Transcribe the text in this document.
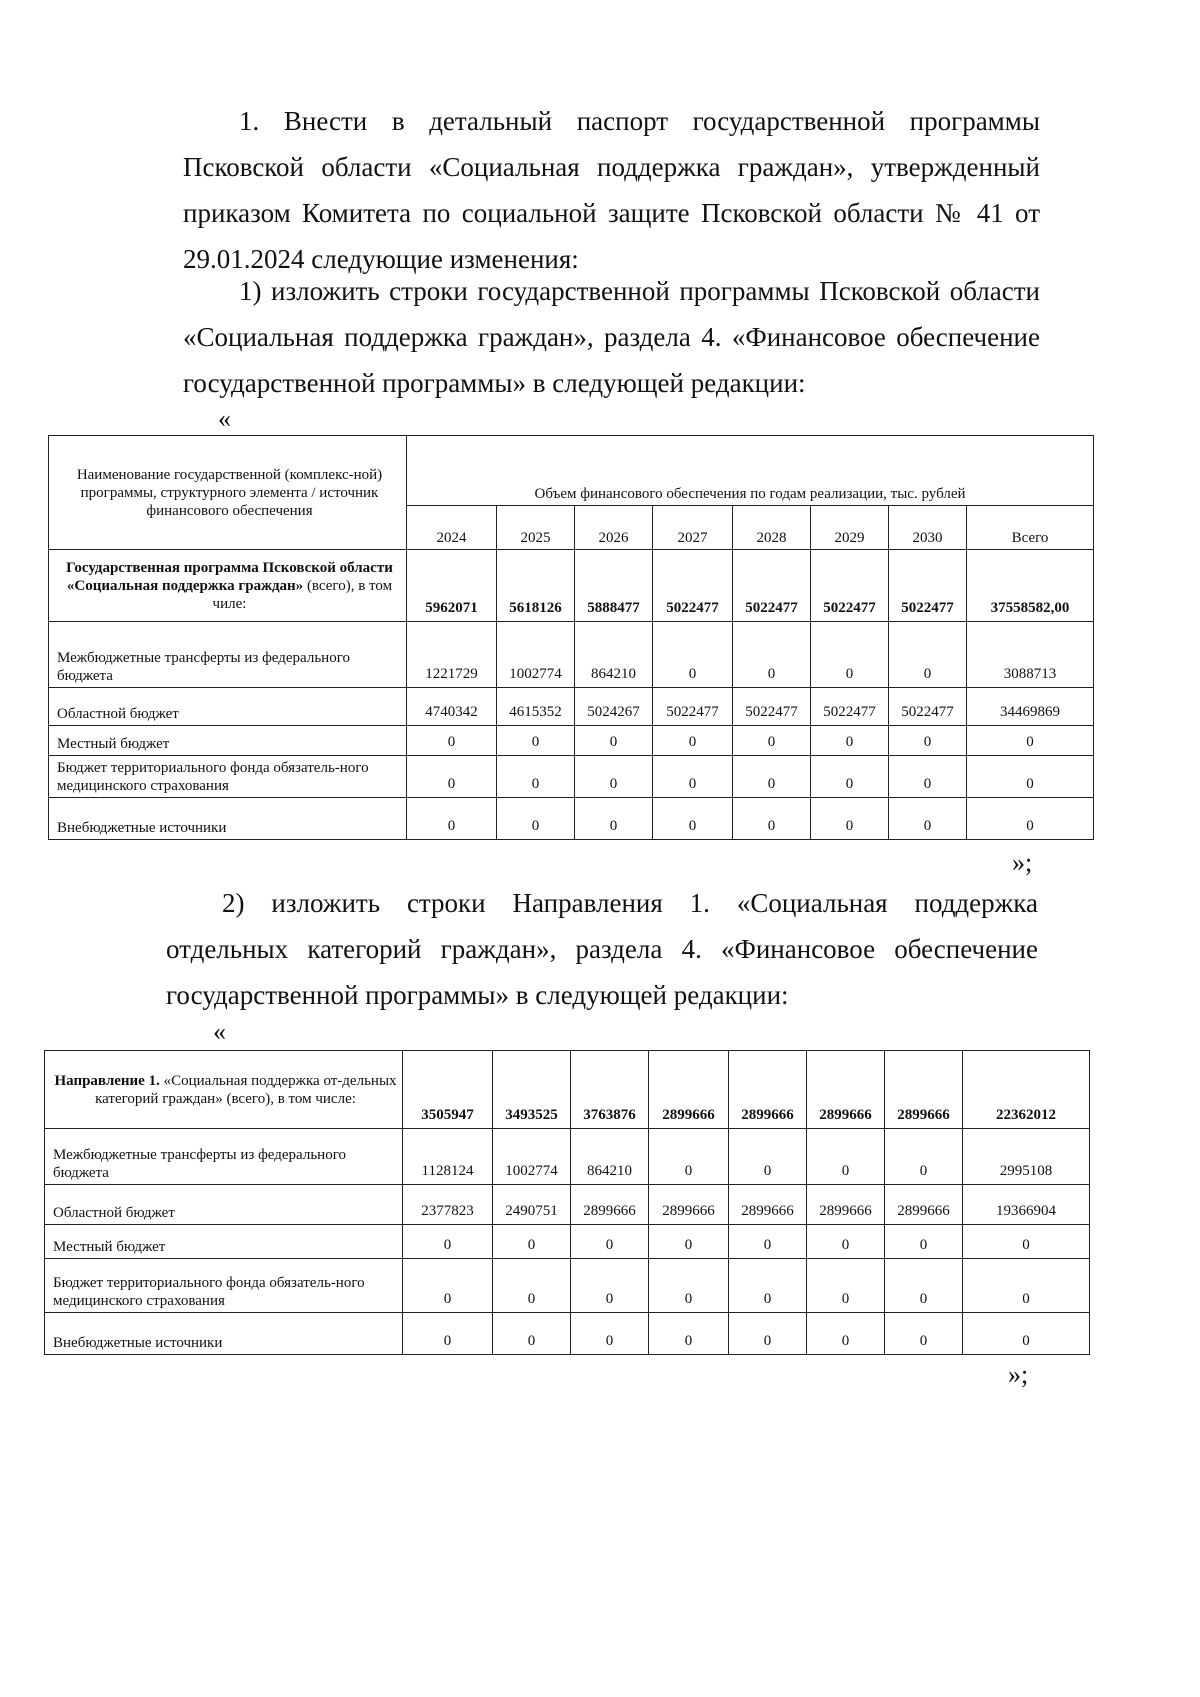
1. Внести в детальный паспорт государственной программы Псковской области «Социальная поддержка граждан», утвержденный приказом Комитета по социальной защите Псковской области № 41 от 29.01.2024 следующие изменения:

1) изложить строки государственной программы Псковской области «Социальная поддержка граждан», раздела 4. «Финансовое обеспечение государственной программы» в следующей редакции:

«
Наименование государственной (комплекс-ной) программы, структурного элемента / источник финансового обеспечения	Объем финансового обеспечения по годам реализации, тыс. рублей							
	2024	2025	2026	2027	2028	2029	2030	Всего
Государственная программа Псковской области «Социальная поддержка граждан» (всего), в том чиле:	5962071	5618126	5888477	5022477	5022477	5022477	5022477	37558582,00
Межбюджетные трансферты из федерального бюджета	1221729	1002774	864210	0	0	0	0	3088713
Областной бюджет	4740342	4615352	5024267	5022477	5022477	5022477	5022477	34469869
Местный бюджет	0	0	0	0	0	0	0	0
Бюджет территориального фонда обязатель-ного медицинского страхования	0	0	0	0	0	0	0	0
Внебюджетные источники	0	0	0	0	0	0	0	0
»;

2) изложить строки Направления 1. «Социальная поддержка отдельных категорий граждан», раздела 4. «Финансовое обеспечение государственной программы» в следующей редакции:

«
Направление 1. «Социальная поддержка от-дельных категорий граждан» (всего), в том числе:	3505947	3493525	3763876	2899666	2899666	2899666	2899666	22362012
Межбюджетные трансферты из федерального бюджета	1128124	1002774	864210	0	0	0	0	2995108
Областной бюджет	2377823	2490751	2899666	2899666	2899666	2899666	2899666	19366904
Местный бюджет	0	0	0	0	0	0	0	0
Бюджет территориального фонда обязатель-ного медицинского страхования	0	0	0	0	0	0	0	0
Внебюджетные источники	0	0	0	0	0	0	0	0
»;
